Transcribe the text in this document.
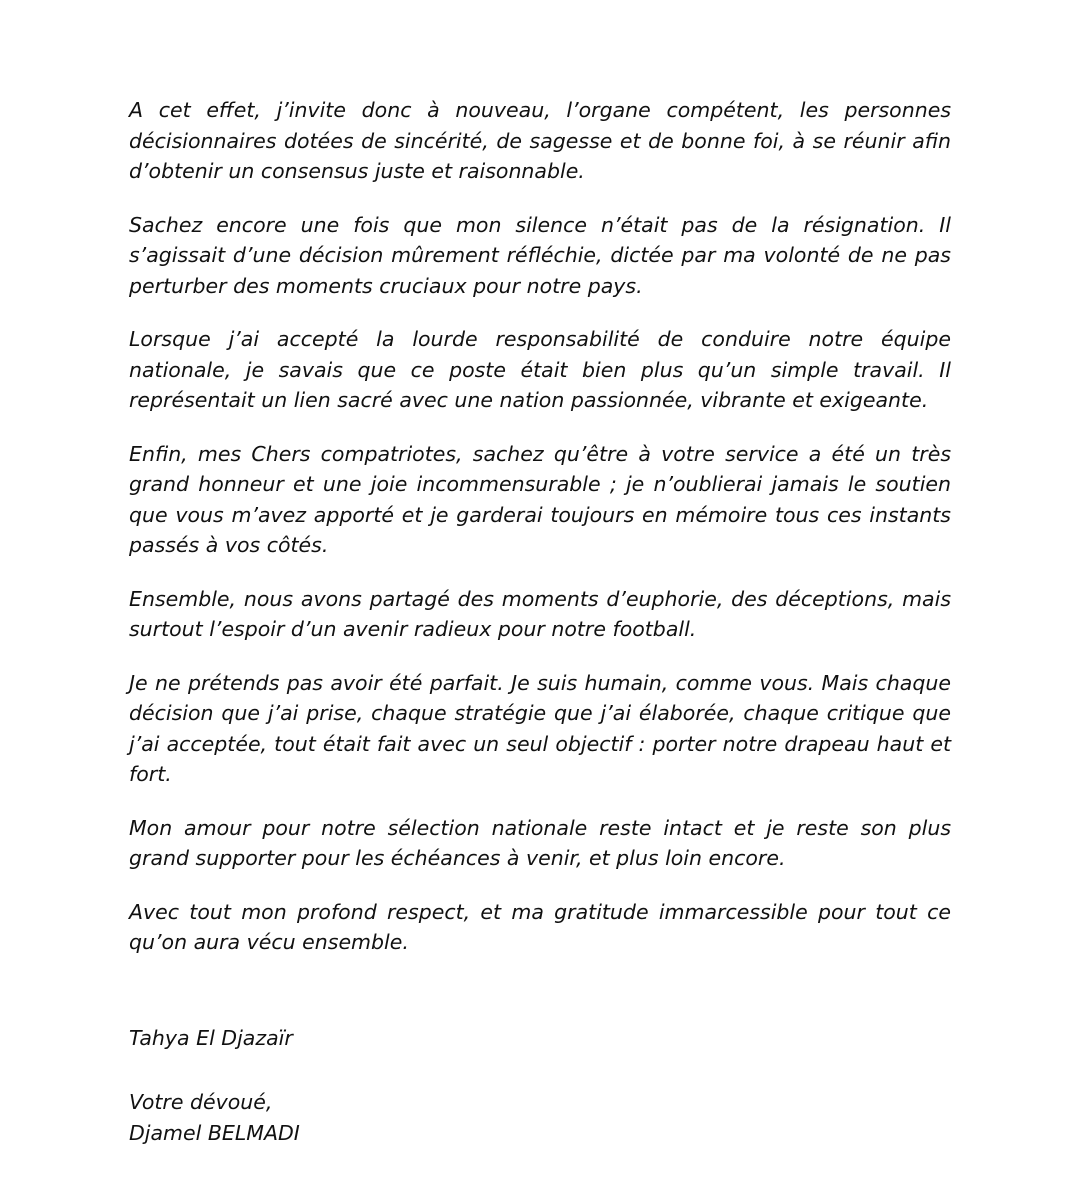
A cet effet, j’invite donc à nouveau, l’organe compétent, les personnes décisionnaires dotées de sincérité, de sagesse et de bonne foi, à se réunir afin d’obtenir un consensus juste et raisonnable.

Sachez encore une fois que mon silence n’était pas de la résignation. Il s’agissait d’une décision mûrement réfléchie, dictée par ma volonté de ne pas perturber des moments cruciaux pour notre pays.

Lorsque j’ai accepté la lourde responsabilité de conduire notre équipe nationale, je savais que ce poste était bien plus qu’un simple travail. Il représentait un lien sacré avec une nation passionnée, vibrante et exigeante.

Enfin, mes Chers compatriotes, sachez qu’être à votre service a été un très grand honneur et une joie incommensurable ; je n’oublierai jamais le soutien que vous m’avez apporté et je garderai toujours en mémoire tous ces instants passés à vos côtés.

Ensemble, nous avons partagé des moments d’euphorie, des déceptions, mais surtout l’espoir d’un avenir radieux pour notre football.

Je ne prétends pas avoir été parfait. Je suis humain, comme vous. Mais chaque décision que j’ai prise, chaque stratégie que j’ai élaborée, chaque critique que j’ai acceptée, tout était fait avec un seul objectif : porter notre drapeau haut et fort.

Mon amour pour notre sélection nationale reste intact et je reste son plus grand supporter pour les échéances à venir, et plus loin encore.

Avec tout mon profond respect, et ma gratitude immarcessible pour tout ce qu’on aura vécu ensemble.

Tahya El Djazaïr
Votre dévoué,
Djamel BELMADI
